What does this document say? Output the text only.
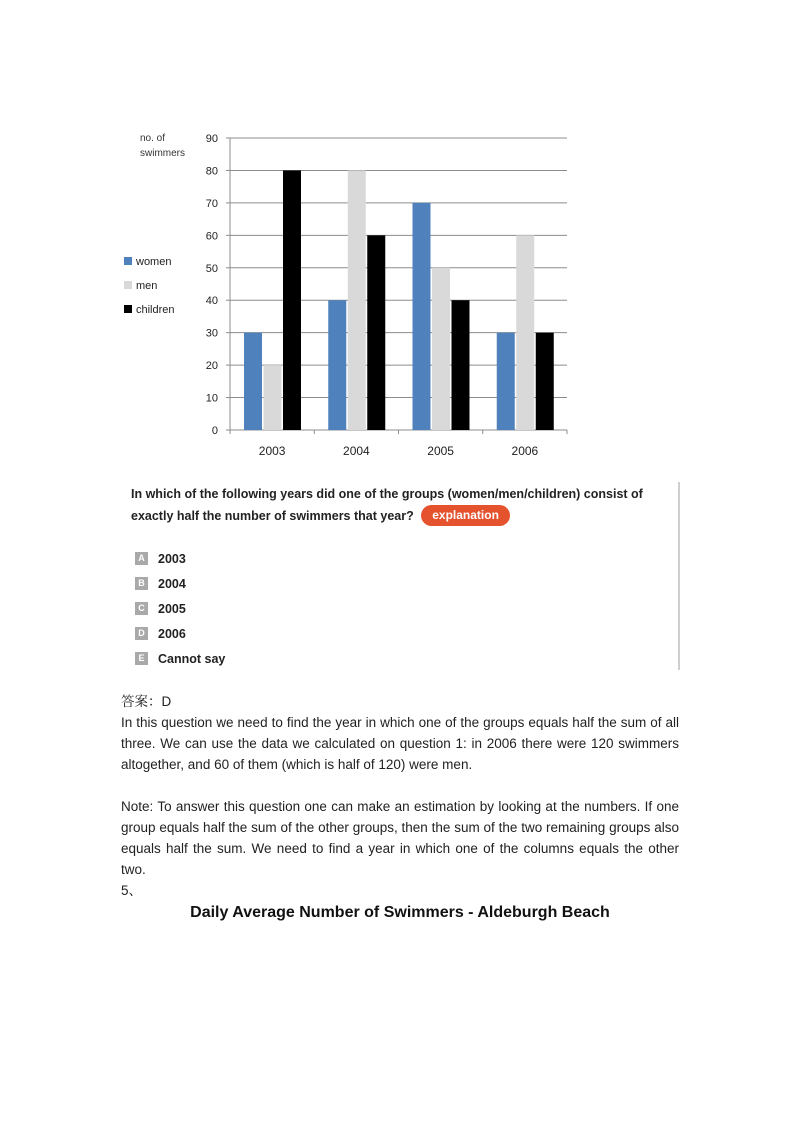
no. of
swimmers
0
10
20
30
40
50
60
70
80
90
2003	2004	2005	2006
women
men
children

In which of the following years did one of the groups (women/men/children) consist of exactly half the number of swimmers that year? explanation

A 2003
B 2004
C 2005
D 2006
E Cannot say

答案：D

In this question we need to find the year in which one of the groups equals half the sum of all three. We can use the data we calculated on question 1: in 2006 there were 120 swimmers altogether, and 60 of them (which is half of 120) were men.

Note: To answer this question one can make an estimation by looking at the numbers. If one group equals half the sum of the other groups, then the sum of the two remaining groups also equals half the sum. We need to find a year in which one of the columns equals the other two.

5、

Daily Average Number of Swimmers - Aldeburgh Beach
